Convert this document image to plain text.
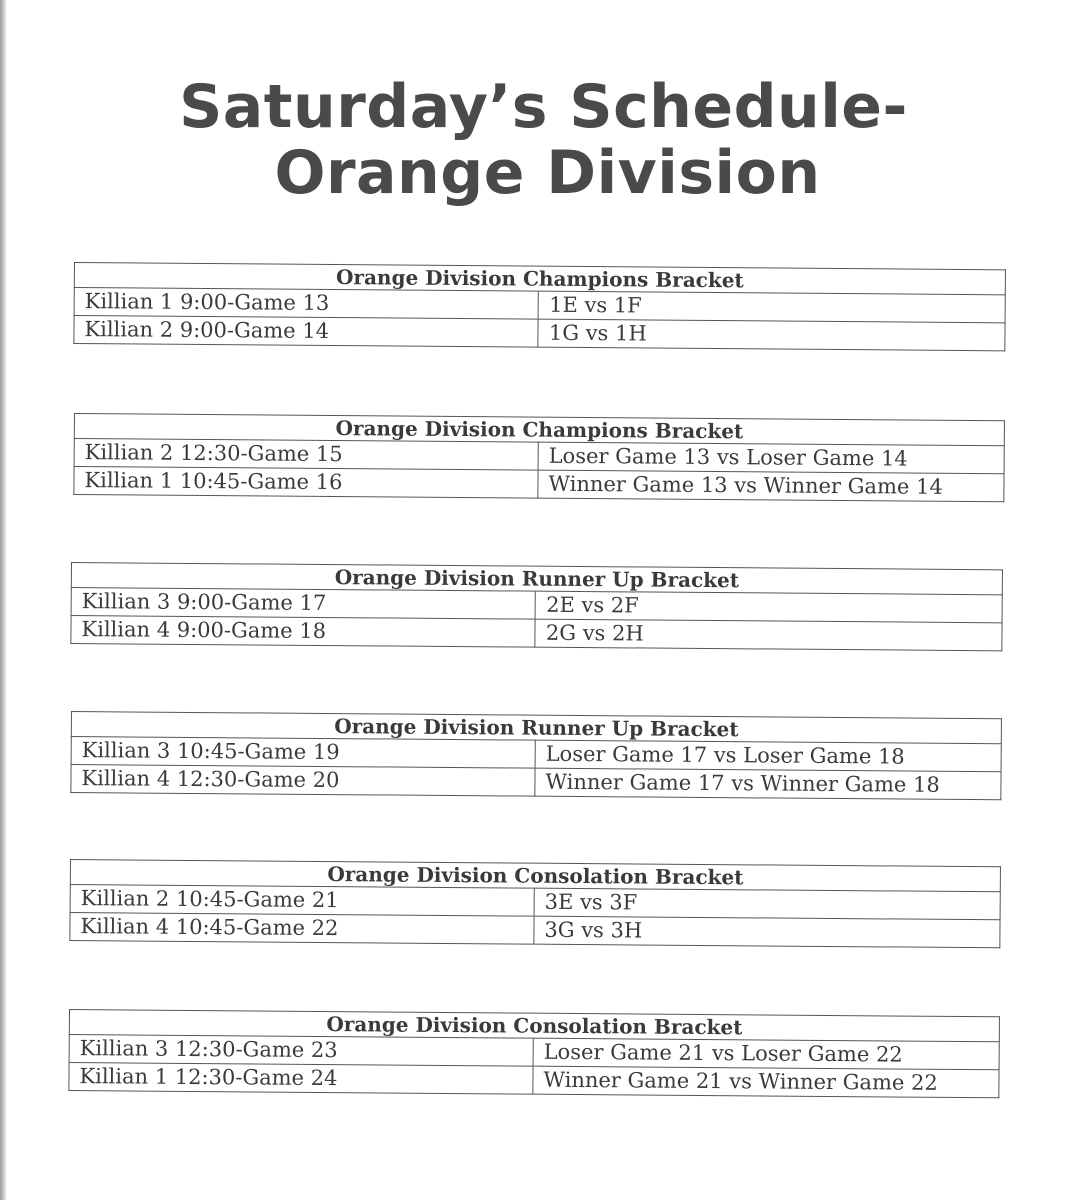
Saturday’s Schedule-
Orange Division
Orange Division Champions Bracket	
Killian 1 9:00-Game 13	1E vs 1F
Killian 2 9:00-Game 14	1G vs 1H
Orange Division Champions Bracket	
Killian 2 12:30-Game 15	Loser Game 13 vs Loser Game 14
Killian 1 10:45-Game 16	Winner Game 13 vs Winner Game 14
Orange Division Runner Up Bracket	
Killian 3 9:00-Game 17	2E vs 2F
Killian 4 9:00-Game 18	2G vs 2H
Orange Division Runner Up Bracket	
Killian 3 10:45-Game 19	Loser Game 17 vs Loser Game 18
Killian 4 12:30-Game 20	Winner Game 17 vs Winner Game 18
Orange Division Consolation Bracket	
Killian 2 10:45-Game 21	3E vs 3F
Killian 4 10:45-Game 22	3G vs 3H
Orange Division Consolation Bracket	
Killian 3 12:30-Game 23	Loser Game 21 vs Loser Game 22
Killian 1 12:30-Game 24	Winner Game 21 vs Winner Game 22
